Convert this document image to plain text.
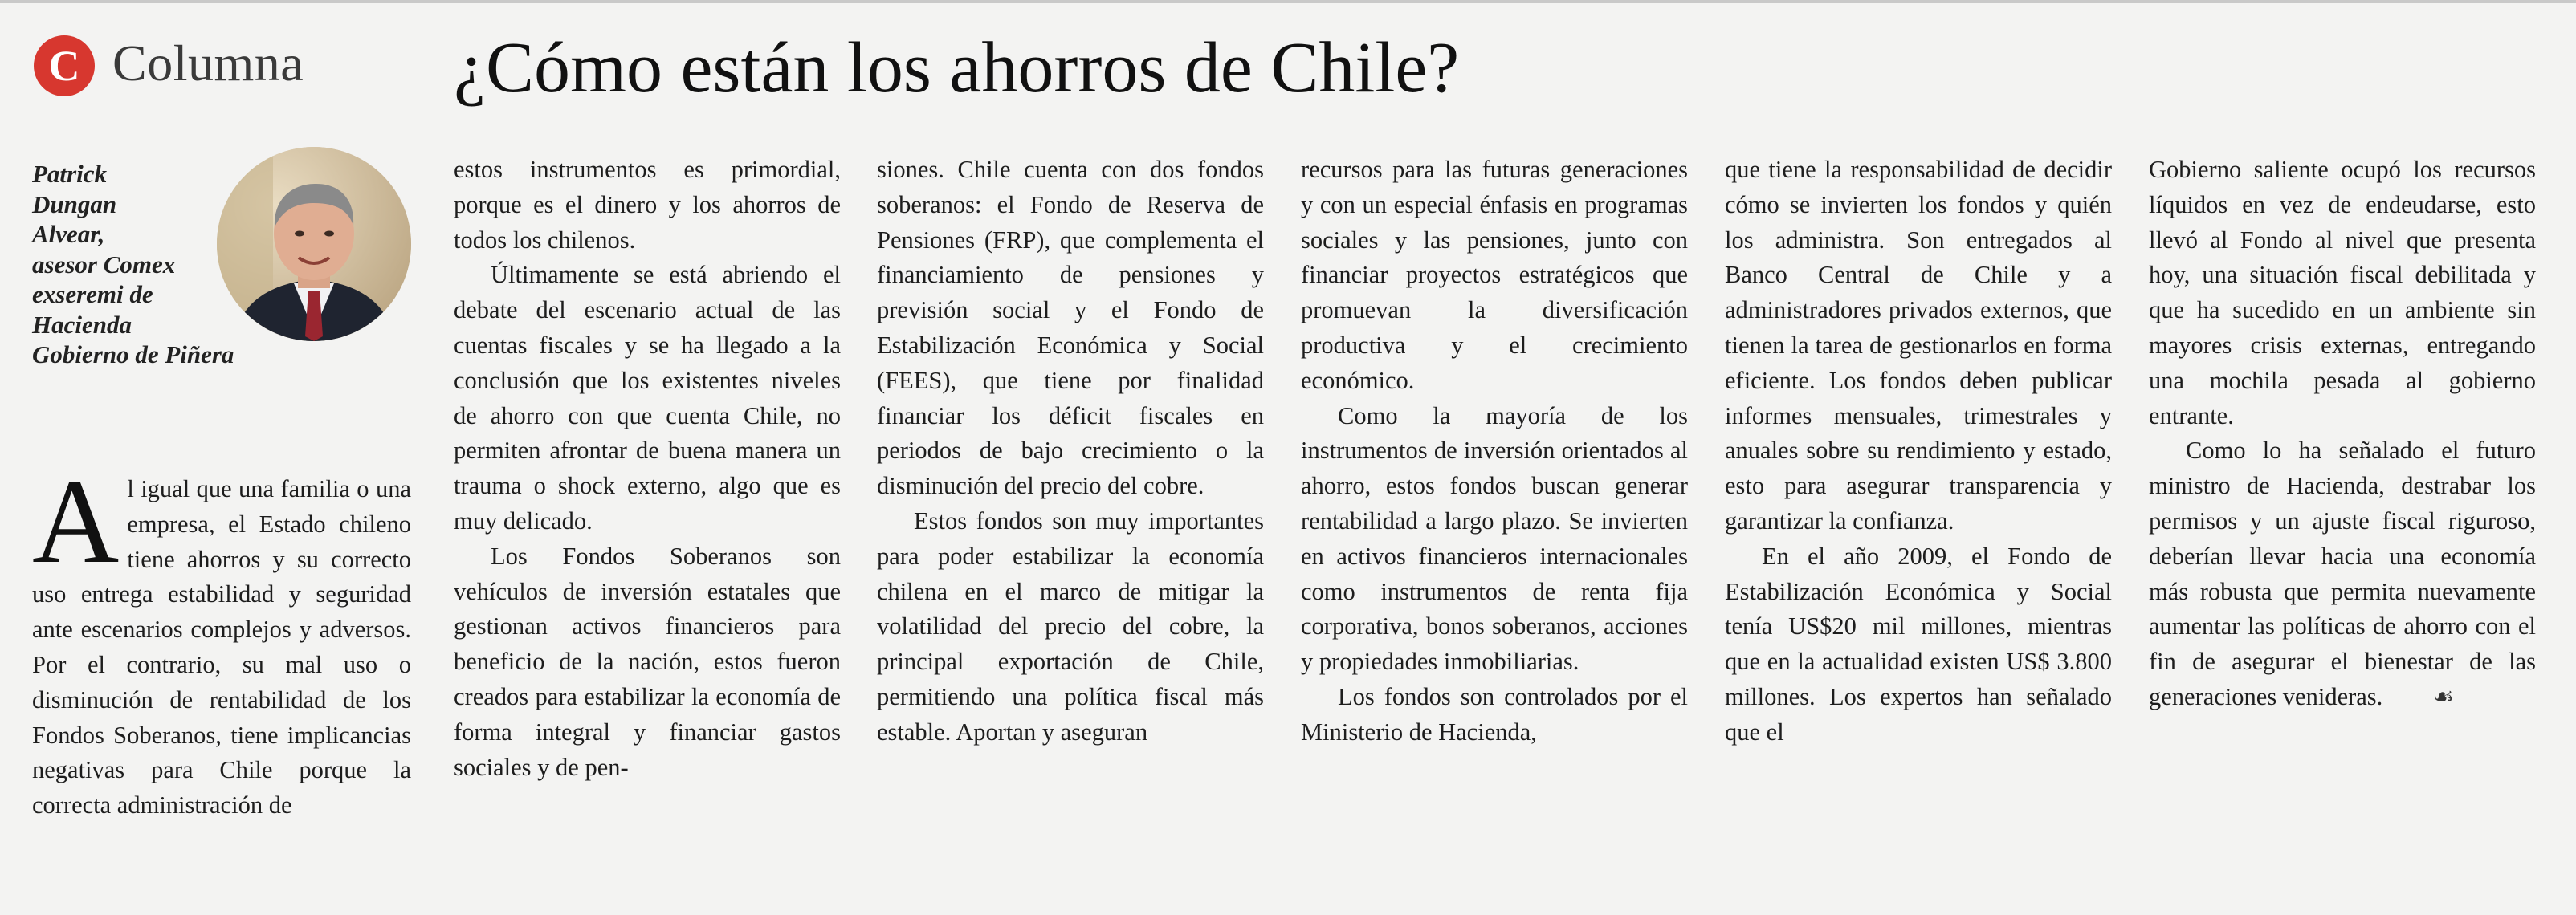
C Columna ¿Cómo están los ahorros de Chile?
Patrick
Dungan
Alvear,
asesor Comex
exseremi de
Hacienda
Gobierno de Piñera

Al igual que una familia o una empresa, el Estado chileno tiene ahorros y su correcto uso entrega estabilidad y seguridad ante escenarios complejos y adversos. Por el contrario, su mal uso o disminución de rentabilidad de los Fondos Soberanos, tiene implicancias negativas para Chile porque la correcta administración de

estos instrumentos es primordial, porque es el dinero y los ahorros de todos los chilenos.

Últimamente se está abriendo el debate del escenario actual de las cuentas fiscales y se ha llegado a la conclusión que los existentes niveles de ahorro con que cuenta Chile, no permiten afrontar de buena manera un trauma o shock externo, algo que es muy delicado.

Los Fondos Soberanos son vehículos de inversión estatales que gestionan activos financieros para beneficio de la nación, estos fueron creados para estabilizar la economía de forma integral y financiar gastos sociales y de pen-

siones. Chile cuenta con dos fondos soberanos: el Fondo de Reserva de Pensiones (FRP), que complementa el financiamiento de pensiones y previsión social y el Fondo de Estabilización Económica y Social (FEES), que tiene por finalidad financiar los déficit fiscales en periodos de bajo crecimiento o la disminución del precio del cobre.

Estos fondos son muy importantes para poder estabilizar la economía chilena en el marco de mitigar la volatilidad del precio del cobre, la principal exportación de Chile, permitiendo una política fiscal más estable. Aportan y aseguran

recursos para las futuras generaciones y con un especial énfasis en programas sociales y las pensiones, junto con financiar proyectos estratégicos que promuevan la diversificación productiva y el crecimiento económico.

Como la mayoría de los instrumentos de inversión orientados al ahorro, estos fondos buscan generar rentabilidad a largo plazo. Se invierten en activos financieros internacionales como instrumentos de renta fija corporativa, bonos soberanos, acciones y propiedades inmobiliarias.

Los fondos son controlados por el Ministerio de Hacienda,

que tiene la responsabilidad de decidir cómo se invierten los fondos y quién los administra. Son entregados al Banco Central de Chile y a administradores privados externos, que tienen la tarea de gestionarlos en forma eficiente. Los fondos deben publicar informes mensuales, trimestrales y anuales sobre su rendimiento y estado, esto para asegurar transparencia y garantizar la confianza.

En el año 2009, el Fondo de Estabilización Económica y Social tenía US$20 mil millones, mientras que en la actualidad existen US$ 3.800 millones. Los expertos han señalado que el

Gobierno saliente ocupó los recursos líquidos en vez de endeudarse, esto llevó al Fondo al nivel que presenta hoy, una situación fiscal debilitada y que ha sucedido en un ambiente sin mayores crisis externas, entregando una mochila pesada al gobierno entrante.

Como lo ha señalado el futuro ministro de Hacienda, destrabar los permisos y un ajuste fiscal riguroso, deberían llevar hacia una economía más robusta que permita nuevamente aumentar las políticas de ahorro con el fin de asegurar el bienestar de las generaciones venideras. ☙
